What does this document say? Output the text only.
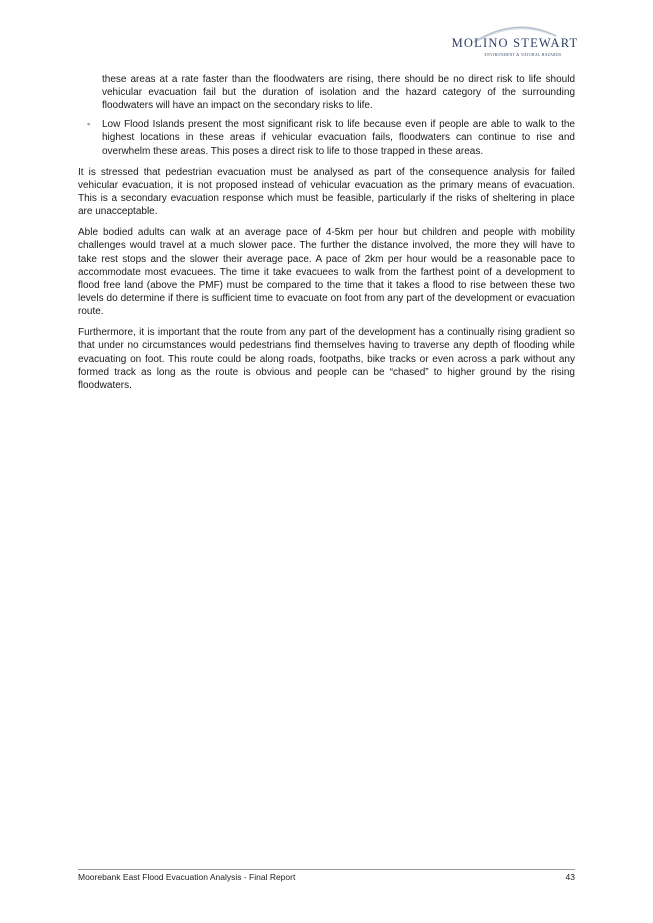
MOLINO STEWART
ENVIRONMENT & NATURAL HAZARDS
these areas at a rate faster than the floodwaters are rising, there should be no direct risk to life should vehicular evacuation fail but the duration of isolation and the hazard category of the surrounding floodwaters will have an impact on the secondary risks to life.
▪ Low Flood Islands present the most significant risk to life because even if people are able to walk to the highest locations in these areas if vehicular evacuation fails, floodwaters can continue to rise and overwhelm these areas. This poses a direct risk to life to those trapped in these areas.

It is stressed that pedestrian evacuation must be analysed as part of the consequence analysis for failed vehicular evacuation, it is not proposed instead of vehicular evacuation as the primary means of evacuation. This is a secondary evacuation response which must be feasible, particularly if the risks of sheltering in place are unacceptable.

Able bodied adults can walk at an average pace of 4-5km per hour but children and people with mobility challenges would travel at a much slower pace. The further the distance involved, the more they will have to take rest stops and the slower their average pace. A pace of 2km per hour would be a reasonable pace to accommodate most evacuees. The time it take evacuees to walk from the farthest point of a development to flood free land (above the PMF) must be compared to the time that it takes a flood to rise between these two levels do determine if there is sufficient time to evacuate on foot from any part of the development or evacuation route.

Furthermore, it is important that the route from any part of the development has a continually rising gradient so that under no circumstances would pedestrians find themselves having to traverse any depth of flooding while evacuating on foot. This route could be along roads, footpaths, bike tracks or even across a park without any formed track as long as the route is obvious and people can be “chased” to higher ground by the rising floodwaters.

Moorebank East Flood Evacuation Analysis - Final Report	43
